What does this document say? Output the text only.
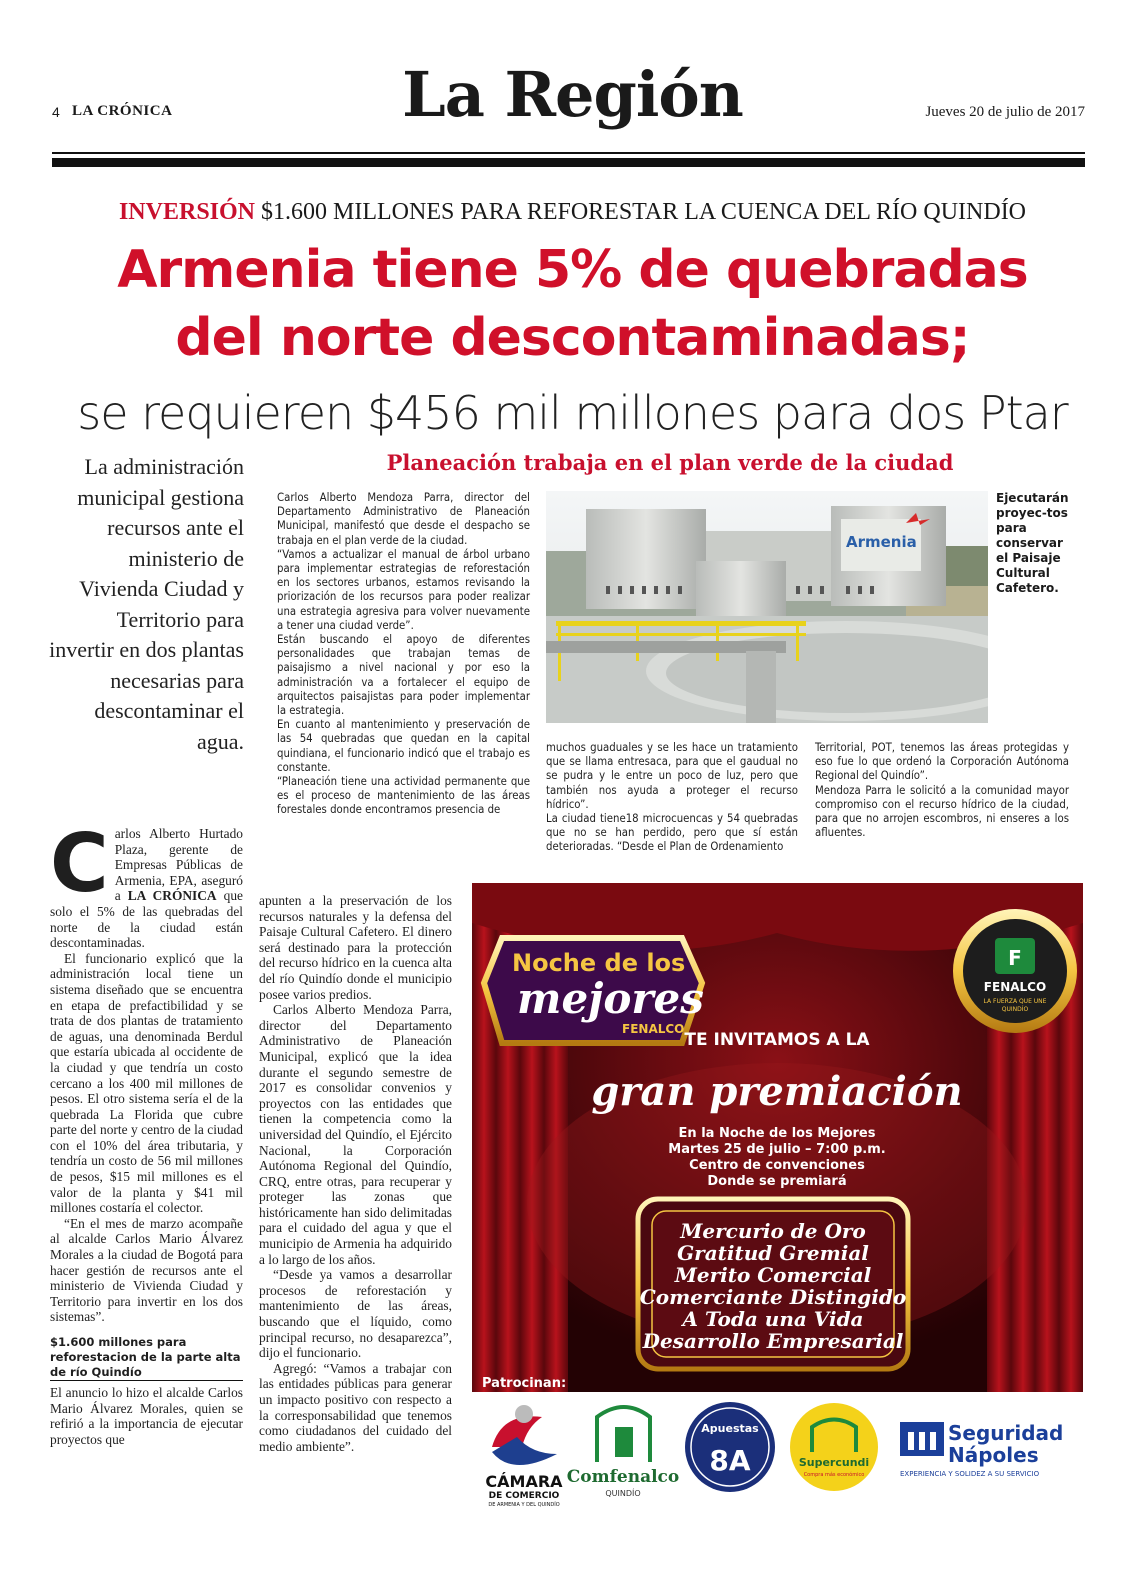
4 LA CRÓNICA	La Región	Jueves 20 de julio de 2017
INVERSIÓN $1.600 MILLONES PARA REFORESTAR LA CUENCA DEL RÍO QUINDÍO
Armenia tiene 5% de quebradas
del norte descontaminadas;
se requieren $456 mil millones para dos Ptar
La administración municipal gestiona recursos ante el ministerio de Vivienda Ciudad y Territorio para invertir en dos plantas necesarias para descontaminar el agua.
Planeación trabaja en el plan verde de la ciudad

Carlos Alberto Mendoza Parra, director del Departamento Administrativo de Planeación Municipal, manifestó que desde el despacho se trabaja en el plan verde de la ciudad.

“Vamos a actualizar el manual de árbol urbano para implementar estrategias de reforestación en los sectores urbanos, estamos revisando la priorización de los recursos para poder realizar una estrategia agresiva para volver nuevamente a tener una ciudad verde”.

Están buscando el apoyo de diferentes personalidades que trabajan temas de paisajismo a nivel nacional y por eso la administración va a fortalecer el equipo de arquitectos paisajistas para poder implementar la estrategia.

En cuanto al mantenimiento y preservación de las 54 quebradas que quedan en la capital quindiana, el funcionario indicó que el trabajo es constante.

“Planeación tiene una actividad permanente que es el proceso de mantenimiento de las áreas forestales donde encontramos presencia de

Armenia
Ejecutarán proyec-tos para conservar el Paisaje Cultural Cafetero.

muchos guaduales y se les hace un tratamiento que se llama entresaca, para que el gaudual no se pudra y le entre un poco de luz, pero que también nos ayuda a proteger el recurso hídrico”.

La ciudad tiene18 microcuencas y 54 quebradas que no se han perdido, pero que sí están deterioradas. “Desde el Plan de Ordenamiento

Territorial, POT, tenemos las áreas protegidas y eso fue lo que ordenó la Corporación Autónoma Regional del Quindío”.

Mendoza Parra le solicitó a la comunidad mayor compromiso con el recurso hídrico de la ciudad, para que no arrojen escombros, ni enseres a los afluentes.

C arlos Alberto Hurtado Plaza, gerente de Empresas Públicas de Armenia, EPA, aseguró a LA CRÓNICA que solo el 5% de las quebradas del norte de la ciudad están descontaminadas.

El funcionario explicó que la administración local tiene un sistema diseñado que se encuentra en etapa de prefactibilidad y se trata de dos plantas de tratamiento de aguas, una denominada Berdul que estaría ubicada al occidente de la ciudad y que tendría un costo cercano a los 400 mil millones de pesos. El otro sistema sería el de la quebrada La Florida que cubre parte del norte y centro de la ciudad con el 10% del área tributaria, y tendría un costo de 56 mil millones de pesos, $15 mil millones es el valor de la planta y $41 mil millones costaría el colector.

“En el mes de marzo acompañe al alcalde Carlos Mario Álvarez Morales a la ciudad de Bogotá para hacer gestión de recursos ante el ministerio de Vivienda Ciudad y Territorio para invertir en los dos sistemas”.

$1.600 millones para reforestacion de la parte alta de río Quindío

El anuncio lo hizo el alcalde Carlos Mario Álvarez Morales, quien se refirió a la importancia de ejecutar proyectos que

apunten a la preservación de los recursos naturales y la defensa del Paisaje Cultural Cafetero. El dinero será destinado para la protección del recurso hídrico en la cuenca alta del río Quindío donde el municipio posee varios predios.

Carlos Alberto Mendoza Parra, director del Departamento Administrativo de Planeación Municipal, explicó que la idea durante el segundo semestre de 2017 es consolidar convenios y proyectos con las entidades que tienen la competencia como la universidad del Quindío, el Ejército Nacional, la Corporación Autónoma Regional del Quindío, CRQ, entre otras, para recuperar y proteger las zonas que históricamente han sido delimitadas para el cuidado del agua y que el municipio de Armenia ha adquirido a lo largo de los años.

“Desde ya vamos a desarrollar procesos de reforestación y mantenimiento de las áreas, buscando que el líquido, como principal recurso, no desaparezca”, dijo el funcionario.

Agregó: “Vamos a trabajar con las entidades públicas para generar un impacto positivo con respecto a la corresponsabilidad que tenemos como ciudadanos del cuidado del medio ambiente”.

Noche de los
mejores
FENALCO
F
FENALCO
LA FUERZA QUE UNE
QUINDÍO
TE INVITAMOS A LA
gran premiación
En la Noche de los Mejores
Martes 25 de julio – 7:00 p.m.
Centro de convenciones
Donde se premiará
Mercurio de Oro
Gratitud Gremial
Merito Comercial
Comerciante Distingido
A Toda una Vida
Desarrollo Empresarial
Patrocinan:
CÁMARA
DE COMERCIO
DE ARMENIA Y DEL QUINDÍO
Comfenalco
QUINDÍO
Apuestas
8A	Supercundi
Compra más económico
Seguridad
Nápoles
EXPERIENCIA Y SOLIDEZ A SU SERVICIO
